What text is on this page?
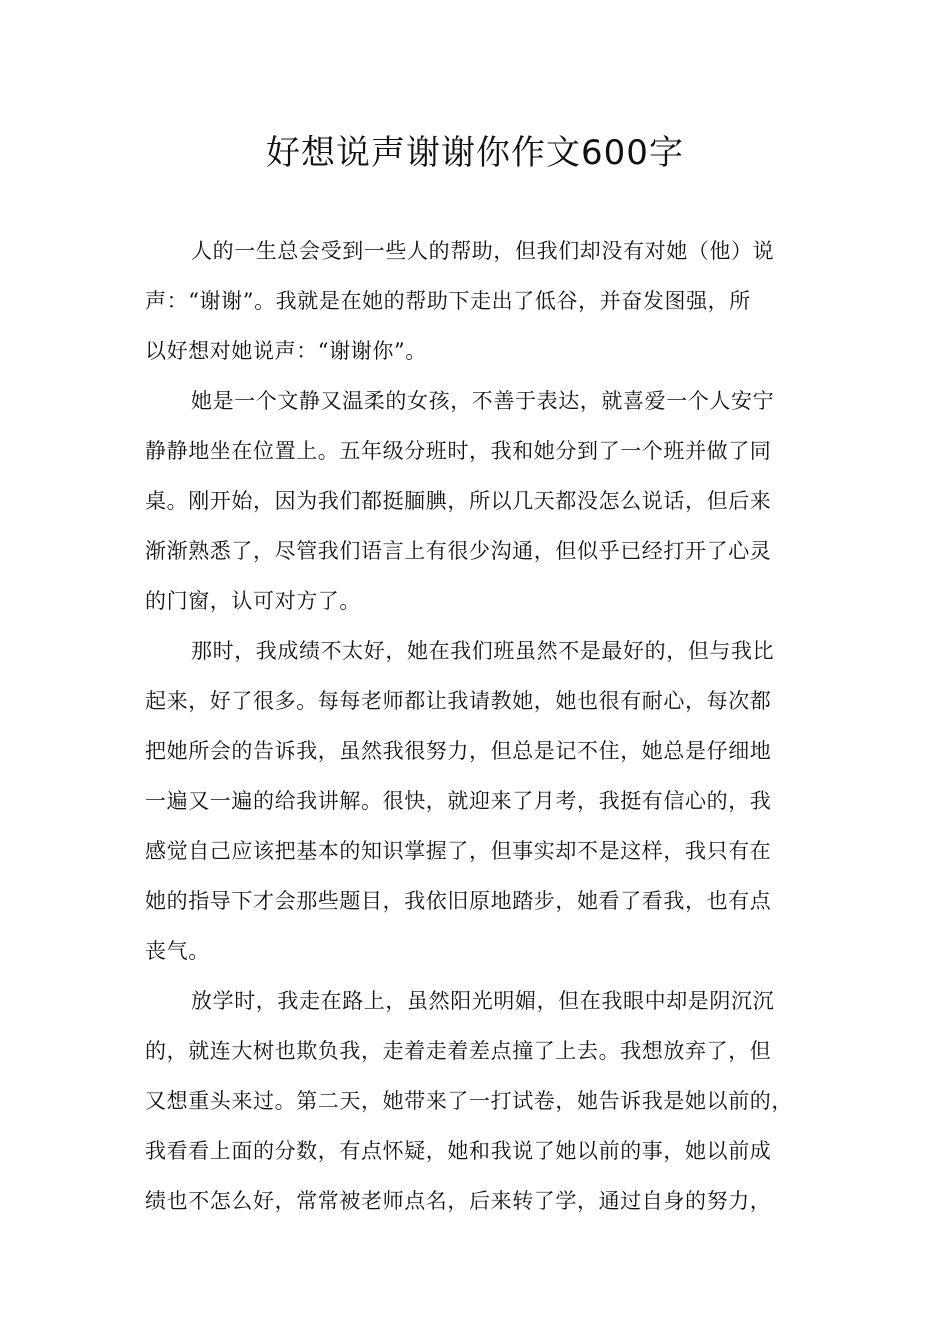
好想说声谢谢你作文600字
人的一生总会受到一些人的帮助，但我们却没有对她（他）说
声：“谢谢”。我就是在她的帮助下走出了低谷，并奋发图强，所
以好想对她说声：“谢谢你”。
她是一个文静又温柔的女孩，不善于表达，就喜爱一个人安宁
静静地坐在位置上。五年级分班时，我和她分到了一个班并做了同
桌。刚开始，因为我们都挺腼腆，所以几天都没怎么说话，但后来
渐渐熟悉了，尽管我们语言上有很少沟通，但似乎已经打开了心灵
的门窗，认可对方了。
那时，我成绩不太好，她在我们班虽然不是最好的，但与我比
起来，好了很多。每每老师都让我请教她，她也很有耐心，每次都
把她所会的告诉我，虽然我很努力，但总是记不住，她总是仔细地
一遍又一遍的给我讲解。很快，就迎来了月考，我挺有信心的，我
感觉自己应该把基本的知识掌握了，但事实却不是这样，我只有在
她的指导下才会那些题目，我依旧原地踏步，她看了看我，也有点
丧气。
放学时，我走在路上，虽然阳光明媚，但在我眼中却是阴沉沉
的，就连大树也欺负我，走着走着差点撞了上去。我想放弃了，但
又想重头来过。第二天，她带来了一打试卷，她告诉我是她以前的，
我看看上面的分数，有点怀疑，她和我说了她以前的事，她以前成
绩也不怎么好，常常被老师点名，后来转了学，通过自身的努力，
